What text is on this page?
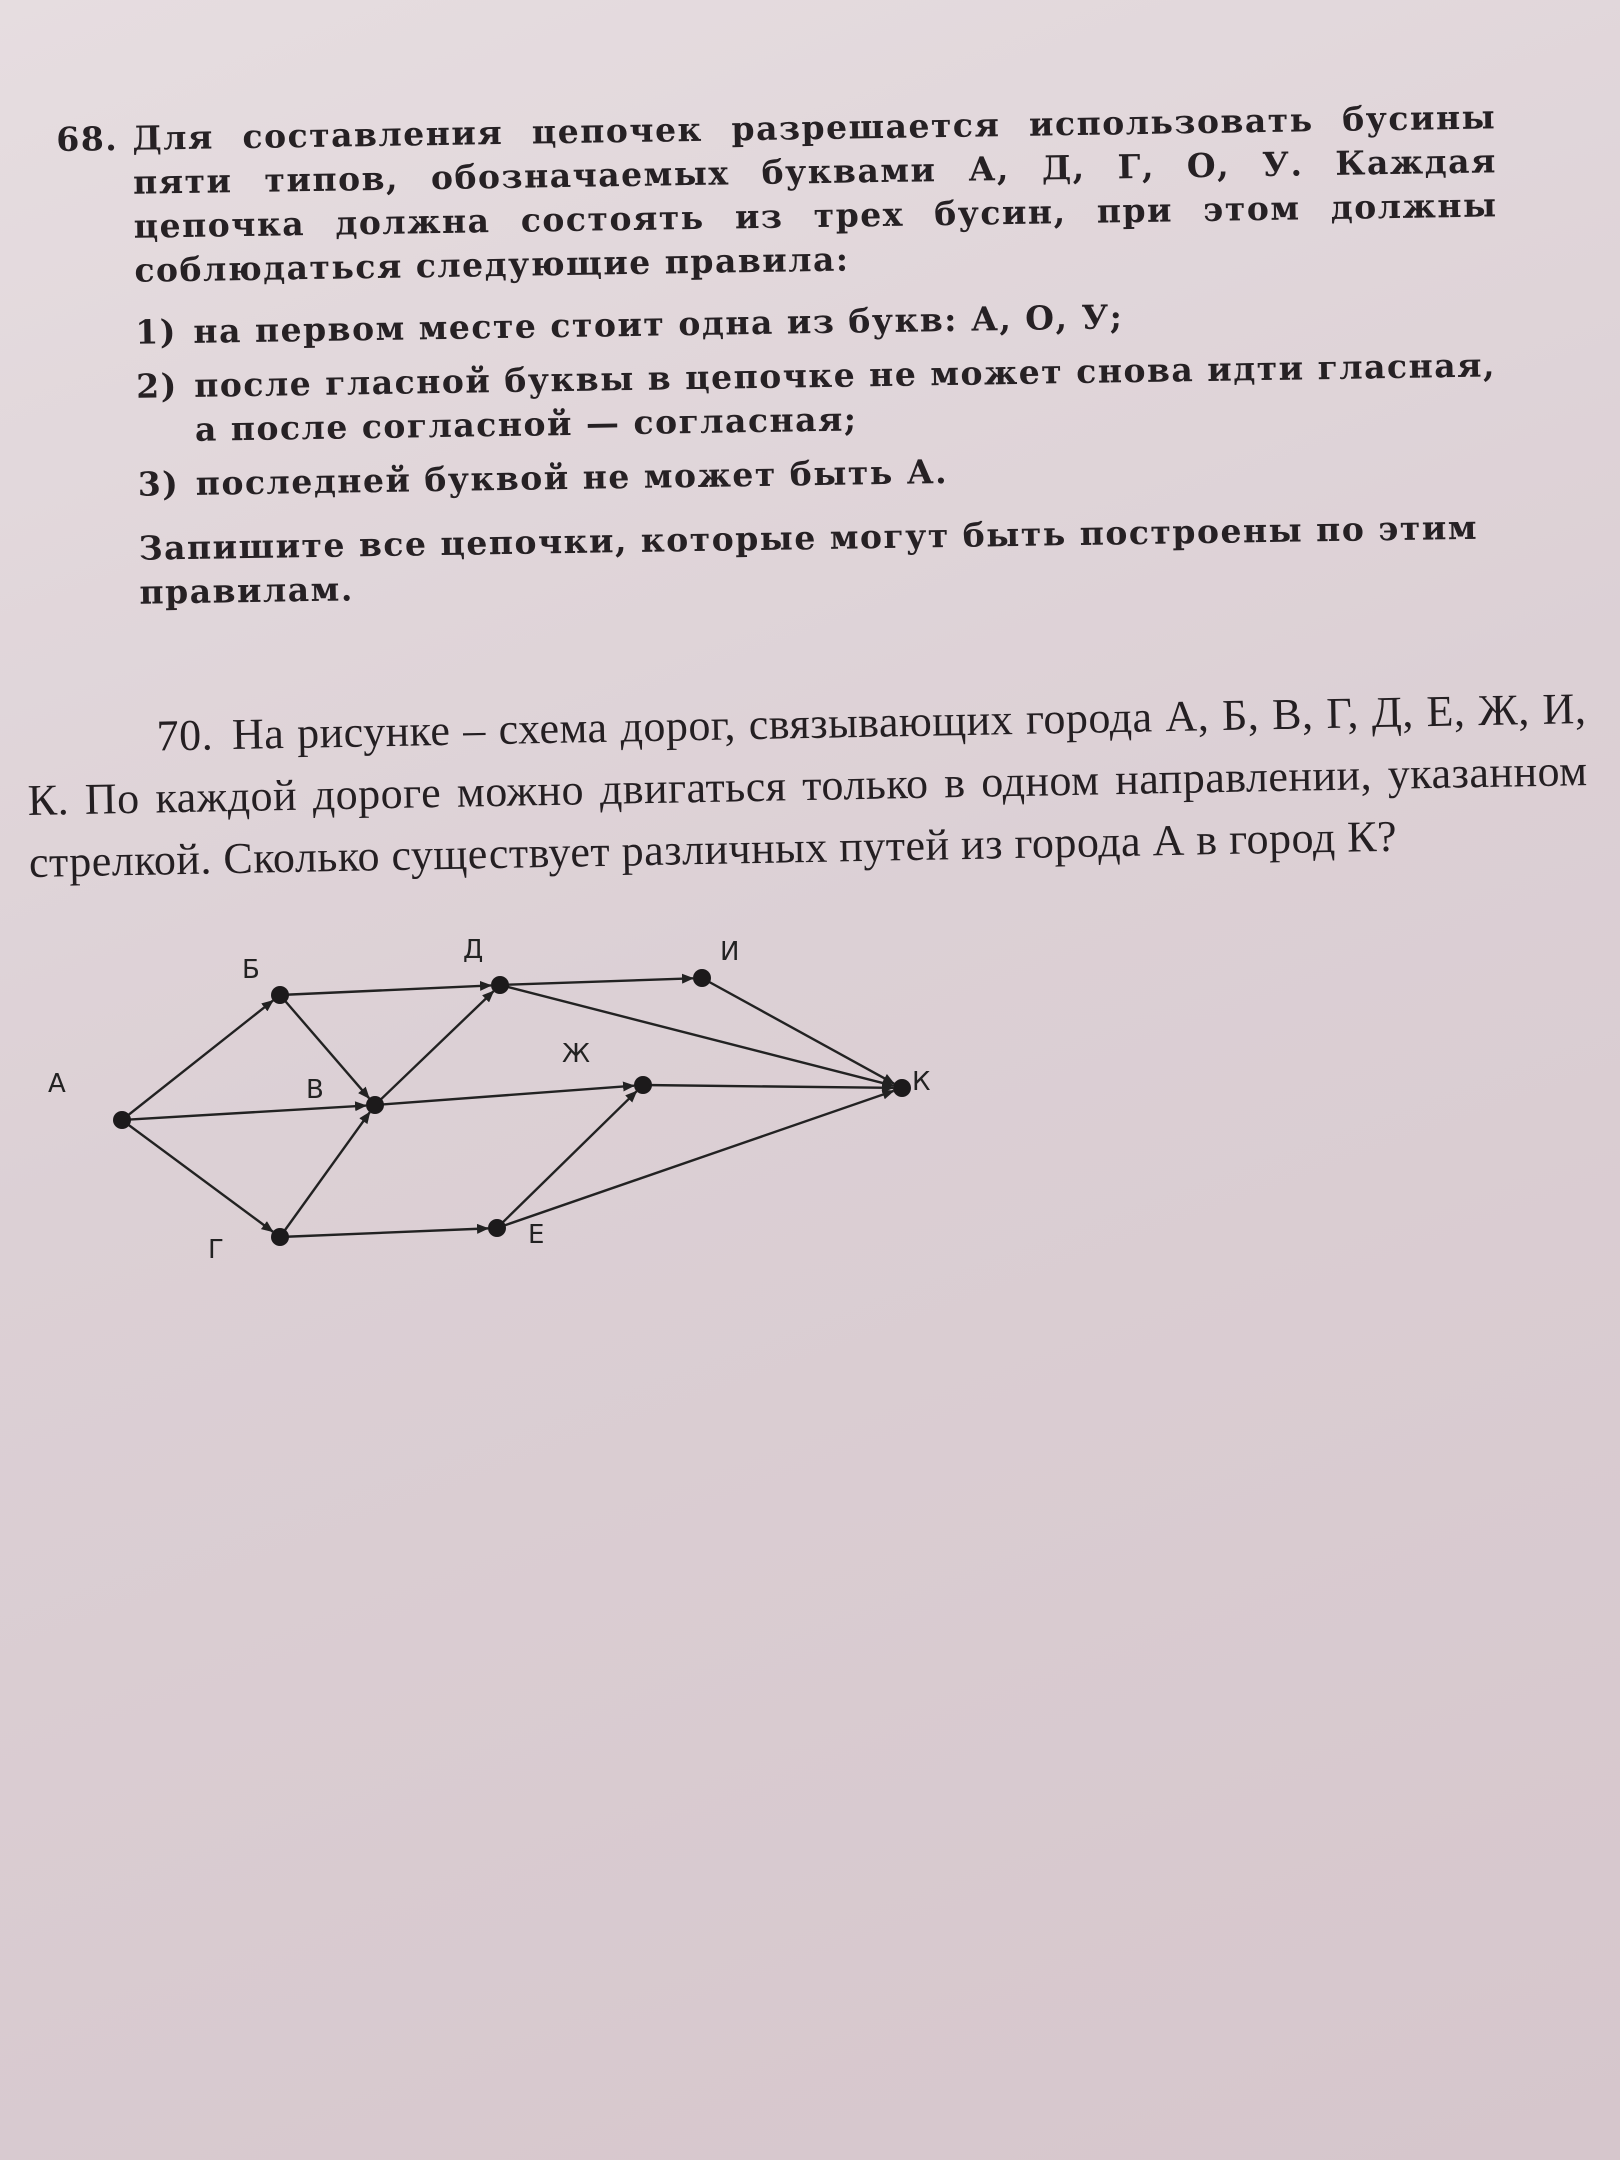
68. Для составления цепочек разрешается использовать бусины пяти типов, обозначаемых буквами А, Д, Г, О, У. Каждая цепочка должна состоять из трех бусин, при этом должны соблюдаться следующие правила:
1) на первом месте стоит одна из букв: А, О, У;
2) после гласной буквы в цепочке не может снова идти гласная, а после согласной — согласная;
3) последней буквой не может быть А.
Запишите все цепочки, которые могут быть построены по этим правилам.
70. На рисунке – схема дорог, связывающих города А, Б, В, Г, Д, Е, Ж, И, К. По каждой дороге можно двигаться только в одном направлении, указанном стрелкой. Сколько существует различных путей из города А в город К?
А
Б
В
Г
Д
Е
Ж
И
К
